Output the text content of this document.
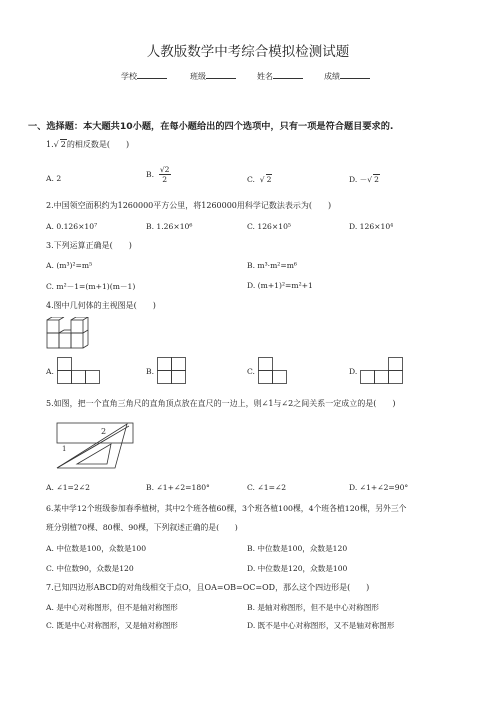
人教版数学中考综合模拟检测试题
学校	班级	姓名	成绩
一、选择题：本大题共10小题，在每小题给出的四个选项中，只有一项是符合题目要求的.
1.√ 2的相反数是(　　)
A. 2	B. $\frac{√2}{2}$	C. √ 2	D. －√ 2
2.中国领空面积约为1260000平方公里，将1260000用科学记数法表示为(　　)
A. 0.126×10⁷	B. 1.26×10⁶	C. 126×10⁵	D. 126×10⁴
3.下列运算正确是(　　)
A. (m³)²=m⁵	B. m³·m²=m⁶
C. m²－1=(m+1)(m－1)	D. (m+1)²=m²+1
4.图中几何体的主视图是(　　)
A.	B.	C.	D.
5.如图，把一个直角三角尺的直角顶点放在直尺的一边上，则∠1与∠2之间关系一定成立的是(　　)
2
1
A. ∠1=2∠2	B. ∠1+∠2=180°	C. ∠1=∠2	D. ∠1+∠2=90°
6.某中学12个班级参加春季植树，其中2个班各植60棵，3个班各植100棵，4个班各植120棵，另外三个
班分别植70棵、80棵、90棵，下列叙述正确的是(　　)
A. 中位数是100，众数是100	B. 中位数是100，众数是120
C. 中位数90，众数是120	D. 中位数是120，众数是100
7.已知四边形ABCD的对角线相交于点O，且OA=OB=OC=OD，那么这个四边形是(　　)
A. 是中心对称图形，但不是轴对称图形	B. 是轴对称图形，但不是中心对称图形
C. 既是中心对称图形，又是轴对称图形	D. 既不是中心对称图形，又不是轴对称图形
